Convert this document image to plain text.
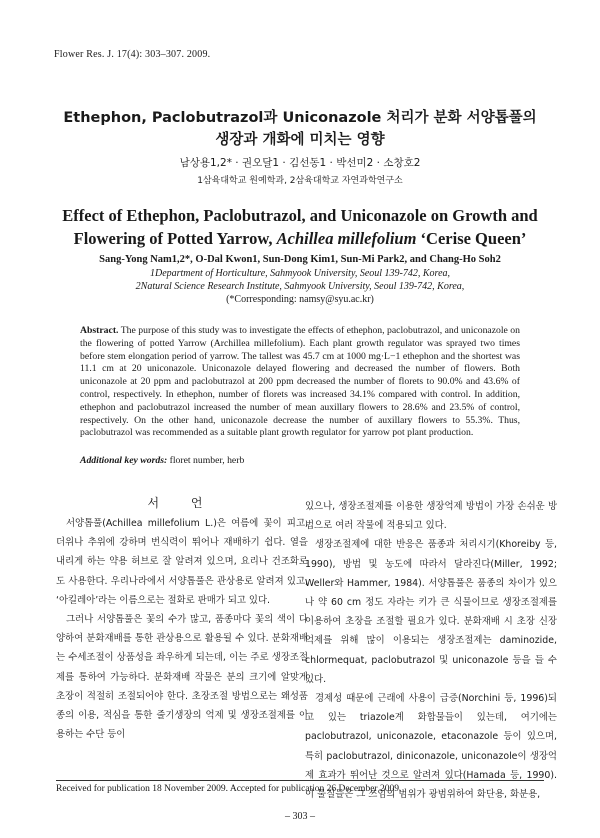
Flower Res. J. 17(4): 303–307. 2009.
Ethephon, Paclobutrazol과 Uniconazole 처리가 분화 서양톱풀의
생장과 개화에 미치는 영향
남상용1,2* · 권오달1 · 김선동1 · 박선미2 · 소창호2
1삼육대학교 원예학과, 2삼육대학교 자연과학연구소
Effect of Ethephon, Paclobutrazol, and Uniconazole on Growth and
Flowering of Potted Yarrow, Achillea millefolium ‘Cerise Queen’
Sang-Yong Nam1,2*, O-Dal Kwon1, Sun-Dong Kim1, Sun-Mi Park2, and Chang-Ho Soh2
1Department of Horticulture, Sahmyook University, Seoul 139-742, Korea,
2Natural Science Research Institute, Sahmyook University, Seoul 139-742, Korea,
(*Corresponding: namsy@syu.ac.kr)
Abstract. The purpose of this study was to investigate the effects of ethephon, paclobutrazol, and uniconazole on the flowering of potted Yarrow (Archillea millefolium). Each plant growth regulator was sprayed two times before stem elongation period of yarrow. The tallest was 45.7 cm at 1000 mg·L−1 ethephon and the shortest was 11.1 cm at 20 uniconazole. Uniconazole delayed flowering and decreased the number of flowers. Both uniconazole at 20 ppm and paclobutrazol at 200 ppm decreased the number of florets to 90.0% and 43.6% of control, respectively. In ethephon, number of florets was increased 34.1% compared with control. In addition, ethephon and paclobutrazol increased the number of mean auxillary flowers to 28.6% and 23.5% of control, respectively. On the other hand, uniconazole decrease the number of auxillary flowers to 55.3%. Thus, paclobutrazol was recommended as a suitable plant growth regulator for yarrow pot plant production.
Additional key words: floret number, herb
서 언

서양톱풀(Achillea millefolium L.)은 여름에 꽃이 피고, 더위나 추위에 강하며 번식력이 뛰어나 재배하기 쉽다. 열을 내리게 하는 약용 허브로 잘 알려져 있으며, 요리나 건조화로도 사용한다. 우리나라에서 서양톱풀은 관상용로 알려져 있고, ‘아킬레아’라는 이름으로는 절화로 판매가 되고 있다.

그러나 서양톱풀은 꽃의 수가 많고, 품종마다 꽃의 색이 다양하여 분화재배를 통한 관상용으로 활용될 수 있다. 분화재배는 수세조절이 상품성을 좌우하게 되는데, 이는 주로 생장조절제를 통하여 가능하다. 분화재배 작물은 분의 크기에 알맞게 초장이 적절히 조절되어야 한다. 초장조절 방법으로는 왜성품종의 이용, 적심을 통한 줄기생장의 억제 및 생장조절제를 이용하는 수단 등이

있으나, 생장조절제를 이용한 생장억제 방법이 가장 손쉬운 방법으로 여러 작물에 적용되고 있다.

생장조절제에 대한 반응은 품종과 처리시기(Khoreiby 등, 1990), 방법 및 농도에 따라서 달라진다(Miller, 1992; Weller와 Hammer, 1984). 서양톱풀은 품종의 차이가 있으나 약 60 cm 정도 자라는 키가 큰 식물이므로 생장조절제를 이용하여 초장을 조절할 필요가 있다. 분화재배 시 초장 신장 억제를 위해 많이 이용되는 생장조절제는 daminozide, chlormequat, paclobutrazol 및 uniconazole 등을 들 수 있다.

경제성 때문에 근래에 사용이 급증(Norchini 등, 1996)되고 있는 triazole계 화합물들이 있는데, 여기에는 paclobutrazol, uniconazole, etaconazole 등이 있으며, 특히 paclobutrazol, diniconazole, uniconazole이 생장억제 효과가 뛰어난 것으로 알려져 있다(Hamada 등, 1990). 이 물질들은 그 쓰임의 범위가 광범위하여 화단용, 화분용,

Received for publication 18 November 2009. Accepted for publication 26 December 2009.
– 303 –
